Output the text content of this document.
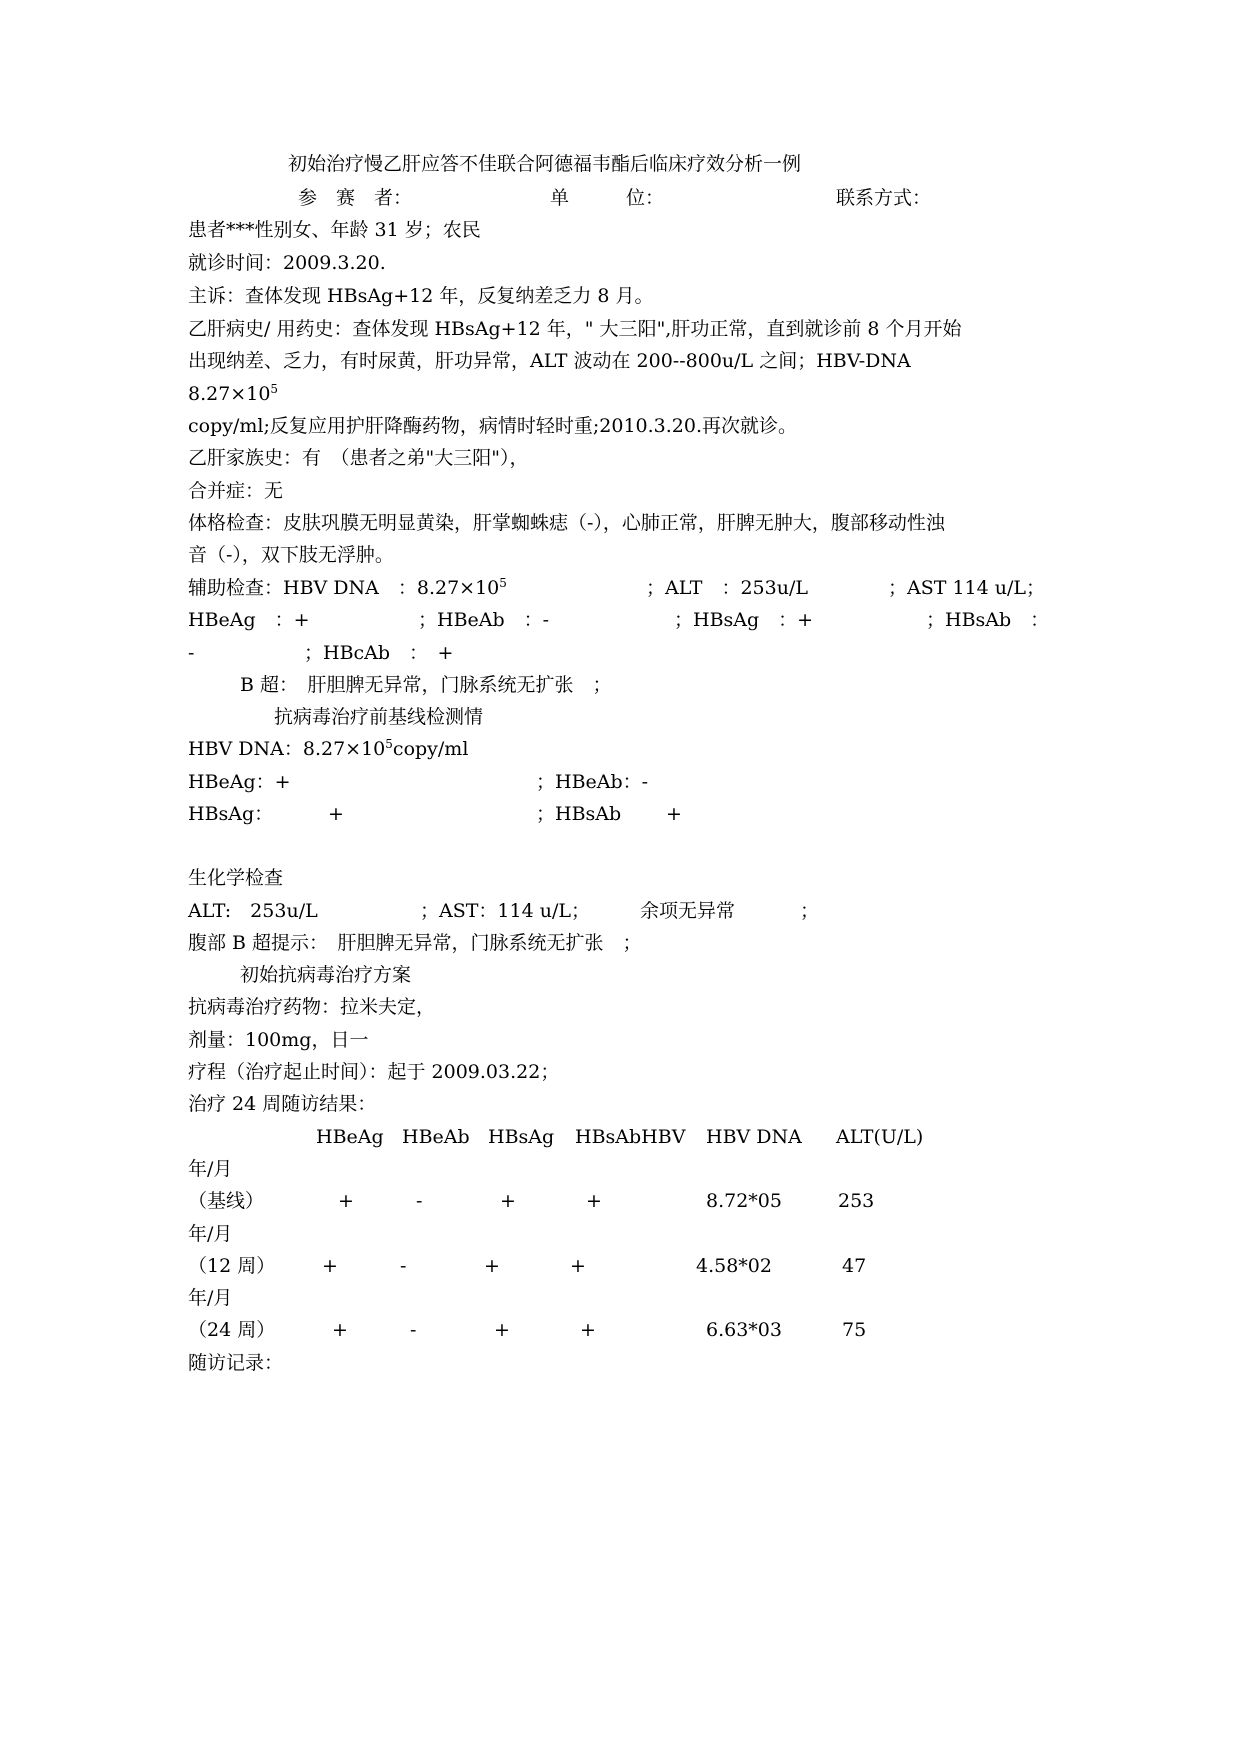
初始治疗慢乙肝应答不佳联合阿德福韦酯后临床疗效分析一例
参　赛　者：	单　　　位：	联系方式：
患者***性别女、年龄 31 岁；农民
就诊时间：2009.3.20.
主诉：查体发现 HBsAg+12 年，反复纳差乏力 8 月。
乙肝病史/ 用药史：查体发现 HBsAg+12 年，" 大三阳",肝功正常，直到就诊前 8 个月开始
出现纳差、乏力，有时尿黄，肝功异常，ALT 波动在 200--800u/L 之间；HBV-DNA
$8.27\times 10^5$
copy/ml;反复应用护肝降酶药物，病情时轻时重;2010.3.20.再次就诊。
乙肝家族史：有　（患者之弟"大三阳"），
合并症：无
体格检查：皮肤巩膜无明显黄染，肝掌蜘蛛痣（-），心肺正常，肝脾无肿大，腹部移动性浊
音（-），双下肢无浮肿。
辅助检查：HBV DNA　：$8.27\times 10^5$	；ALT　：253u/L	；AST 114 u/L；
HBeAg　：+	；HBeAb　：-	；HBsAg　：+	；HBsAb　：
-	；HBcAb　：　+
B 超：　肝胆脾无异常，门脉系统无扩张　；
抗病毒治疗前基线检测情
HBV DNA：$8.27\times 10^5copy/ml$
HBeAg：+	；HBeAb：-
HBsAg：	+	；HBsAb +
生化学检查
ALT:　253u/L	；AST：114 u/L；	余项无异常	；
腹部 B 超提示：　肝胆脾无异常，门脉系统无扩张　；
初始抗病毒治疗方案
抗病毒治疗药物：拉米夫定，
剂量：100mg，日一
疗程（治疗起止时间）：起于 2009.03.22；
治疗 24 周随访结果：
HBeAg HBeAb HBsAg HBsAbHBV HBV DNA ALT(U/L)
年/月
（基线）	+	-	+	+	8.72*05	253
年/月
（12 周） +	-	+	+	4.58*02	47
年/月
（24 周）	+	-	+	+	6.63*03	75
随访记录：
